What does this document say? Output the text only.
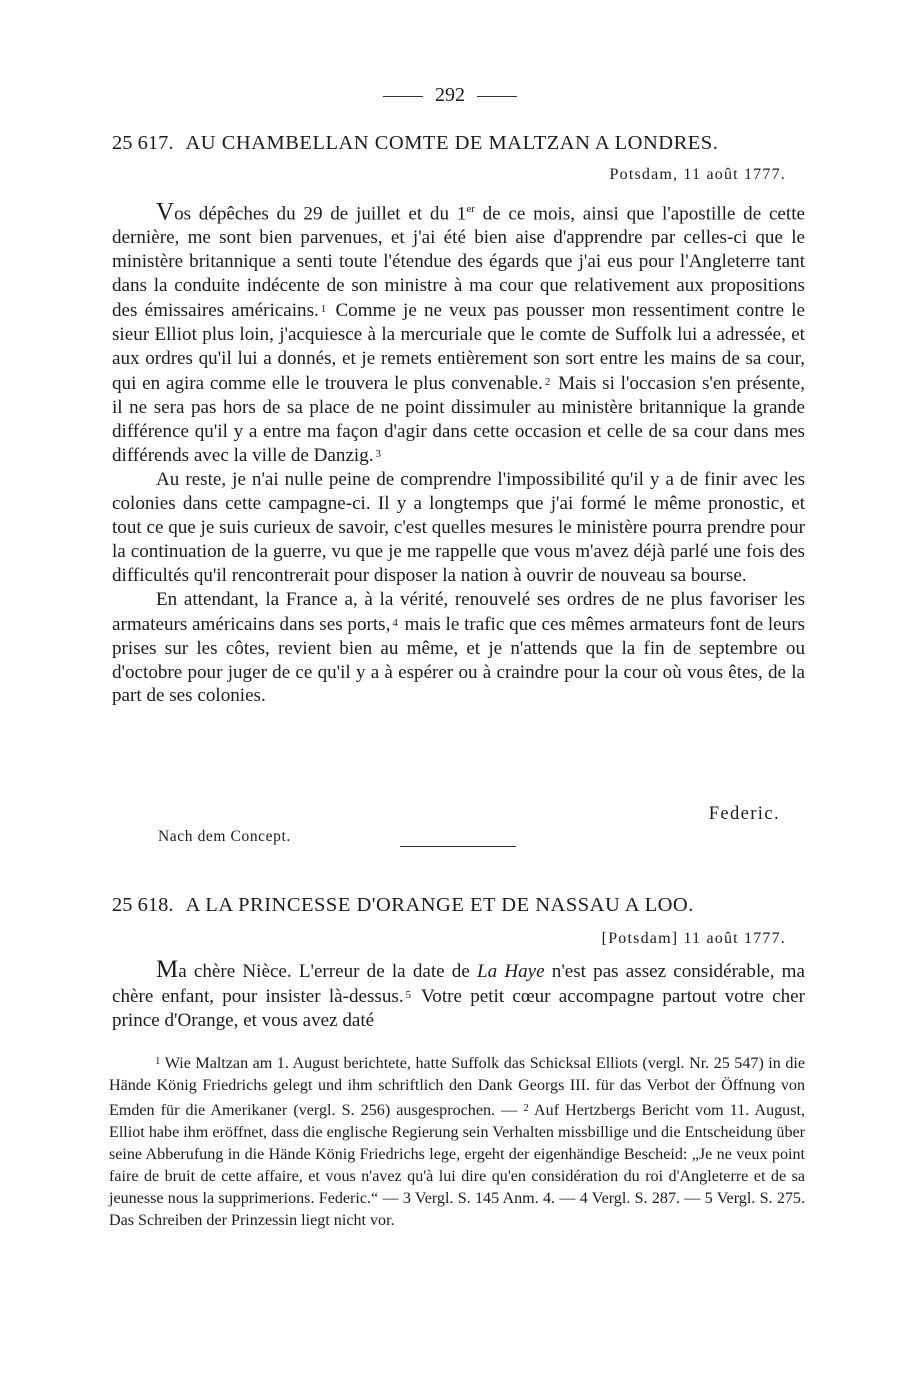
292
25 617. AU CHAMBELLAN COMTE DE MALTZAN A LONDRES.
Potsdam, 11 août 1777.

Vos dépêches du 29 de juillet et du 1er de ce mois, ainsi que l'apostille de cette dernière, me sont bien parvenues, et j'ai été bien aise d'apprendre par celles-ci que le ministère britannique a senti toute l'étendue des égards que j'ai eus pour l'Angleterre tant dans la conduite indécente de son ministre à ma cour que relativement aux propositions des émissaires américains. $^1$ Comme je ne veux pas pousser mon ressentiment contre le sieur Elliot plus loin, j'acquiesce à la mercuriale que le comte de Suffolk lui a adressée, et aux ordres qu'il lui a donnés, et je remets entièrement son sort entre les mains de sa cour, qui en agira comme elle le trouvera le plus convenable. $^2$ Mais si l'occasion s'en présente, il ne sera pas hors de sa place de ne point dissimuler au ministère britannique la grande différence qu'il y a entre ma façon d'agir dans cette occasion et celle de sa cour dans mes différends avec la ville de Danzig. $^3$

Au reste, je n'ai nulle peine de comprendre l'impossibilité qu'il y a de finir avec les colonies dans cette campagne-ci. Il y a longtemps que j'ai formé le même pronostic, et tout ce que je suis curieux de savoir, c'est quelles mesures le ministère pourra prendre pour la continuation de la guerre, vu que je me rappelle que vous m'avez déjà parlé une fois des difficultés qu'il rencontrerait pour disposer la nation à ouvrir de nouveau sa bourse.

En attendant, la France a, à la vérité, renouvelé ses ordres de ne plus favoriser les armateurs américains dans ses ports, $^4$ mais le trafic que ces mêmes armateurs font de leurs prises sur les côtes, revient bien au même, et je n'attends que la fin de septembre ou d'octobre pour juger de ce qu'il y a à espérer ou à craindre pour la cour où vous êtes, de la part de ses colonies.

Federic.
Nach dem Concept.
25 618. A LA PRINCESSE D'ORANGE ET DE NASSAU A LOO.
[Potsdam] 11 août 1777.

Ma chère Nièce. L'erreur de la date de La Haye n'est pas assez considérable, ma chère enfant, pour insister là-dessus. $^5$ Votre petit cœur accompagne partout votre cher prince d'Orange, et vous avez daté

$^1$ Wie Maltzan am 1. August berichtete, hatte Suffolk das Schicksal Elliots (vergl. Nr. 25 547) in die Hände König Friedrichs gelegt und ihm schriftlich den Dank Georgs III. für das Verbot der Öffnung von Emden für die Amerikaner (vergl. S. 256) ausgesprochen. — $^2$ Auf Hertzbergs Bericht vom 11. August, Elliot habe ihm eröffnet, dass die englische Regierung sein Verhalten missbillige und die Entscheidung über seine Abberufung in die Hände König Friedrichs lege, ergeht der eigenhändige Bescheid: „Je ne veux point faire de bruit de cette affaire, et vous n'avez qu'à lui dire qu'en considération du roi d'Angleterre et de sa jeunesse nous la supprimerions. Federic.“ — 3 Vergl. S. 145 Anm. 4. — 4 Vergl. S. 287. — 5 Vergl. S. 275. Das Schreiben der Prinzessin liegt nicht vor.
